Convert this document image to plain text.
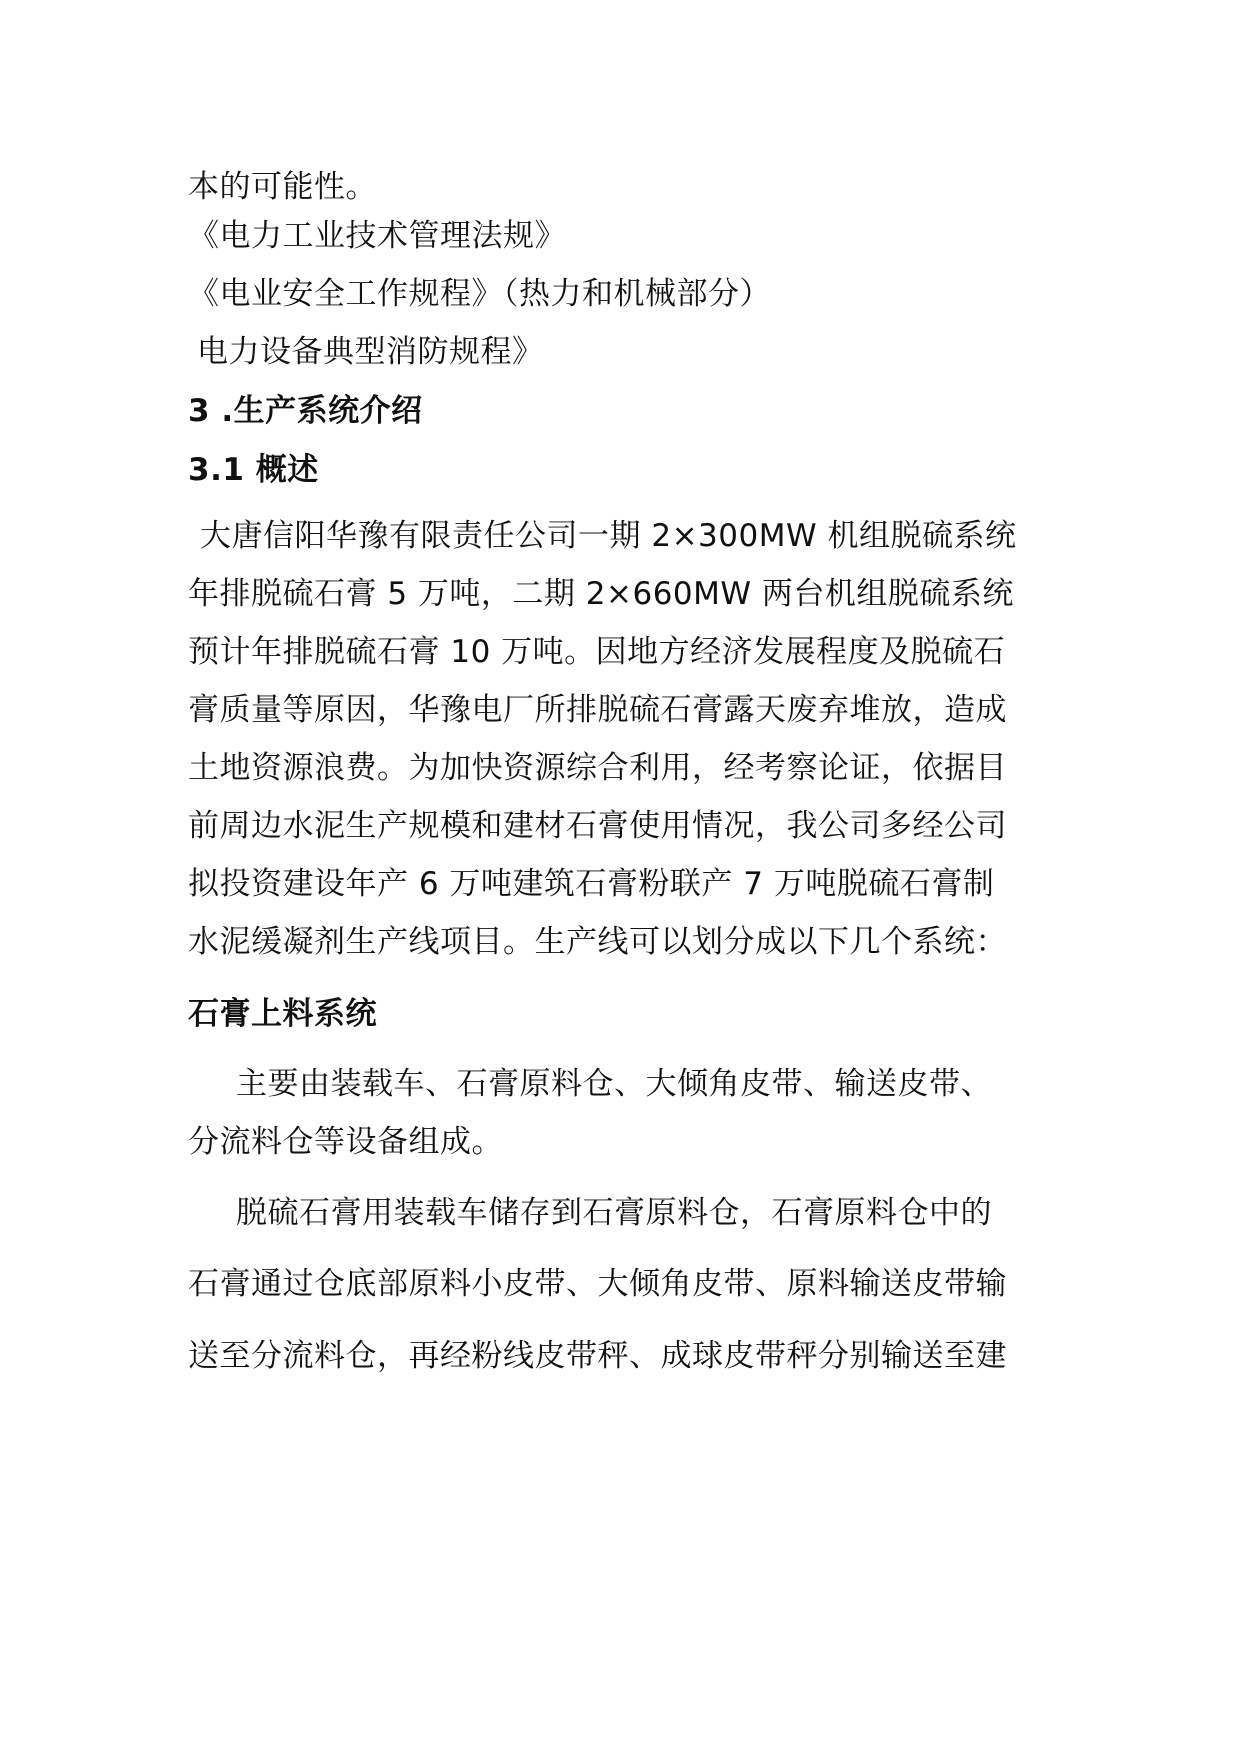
本的可能性。
《电力工业技术管理法规》
《电业安全工作规程》（热力和机械部分）
电力设备典型消防规程》
3 .生产系统介绍
3.1 概述
大唐信阳华豫有限责任公司一期 2×300MW 机组脱硫系统
年排脱硫石膏 5 万吨，二期 2×660MW 两台机组脱硫系统
预计年排脱硫石膏 10 万吨。因地方经济发展程度及脱硫石
膏质量等原因，华豫电厂所排脱硫石膏露天废弃堆放，造成
土地资源浪费。为加快资源综合利用，经考察论证，依据目
前周边水泥生产规模和建材石膏使用情况，我公司多经公司
拟投资建设年产 6 万吨建筑石膏粉联产 7 万吨脱硫石膏制
水泥缓凝剂生产线项目。生产线可以划分成以下几个系统：
石膏上料系统
主要由装载车、石膏原料仓、大倾角皮带、输送皮带、
分流料仓等设备组成。
脱硫石膏用装载车储存到石膏原料仓，石膏原料仓中的
石膏通过仓底部原料小皮带、大倾角皮带、原料输送皮带输
送至分流料仓，再经粉线皮带秤、成球皮带秤分别输送至建
